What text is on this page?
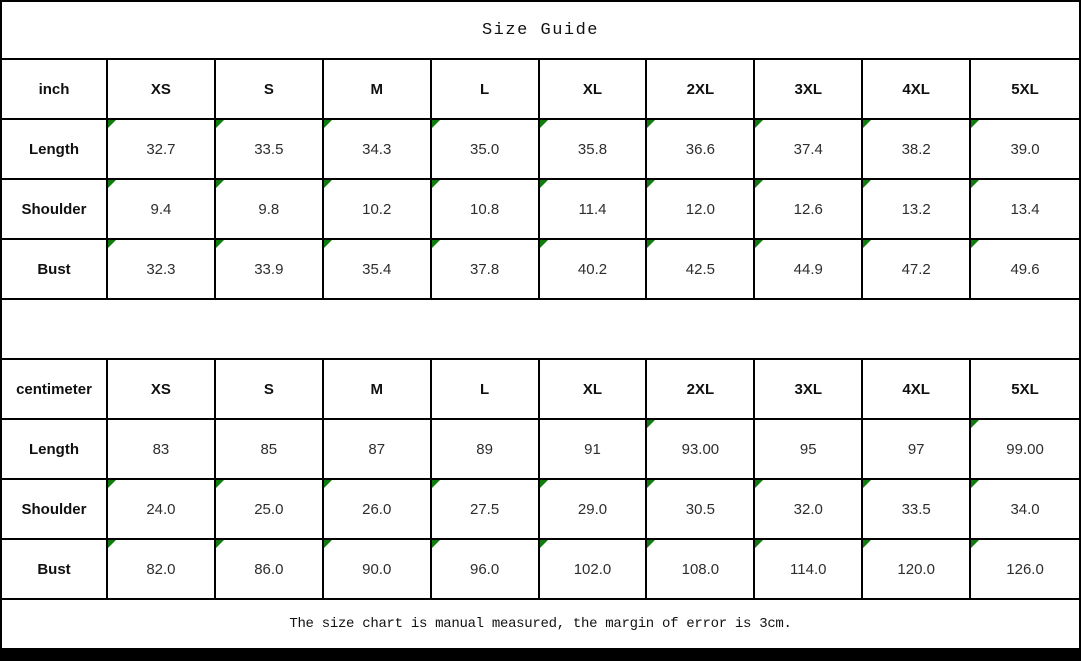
Size Guide
inch	XS	S	M	L	XL	2XL	3XL	4XL	5XL
Length	32.7	33.5	34.3	35.0	35.8	36.6	37.4	38.2	39.0
Shoulder	9.4	9.8	10.2	10.8	11.4	12.0	12.6	13.2	13.4
Bust	32.3	33.9	35.4	37.8	40.2	42.5	44.9	47.2	49.6
centimeter	XS	S	M	L	XL	2XL	3XL	4XL	5XL
Length	83	85	87	89	91	93.00	95	97	99.00
Shoulder	24.0	25.0	26.0	27.5	29.0	30.5	32.0	33.5	34.0
Bust	82.0	86.0	90.0	96.0	102.0	108.0	114.0	120.0	126.0
The size chart is manual measured, the margin of error is 3cm.
